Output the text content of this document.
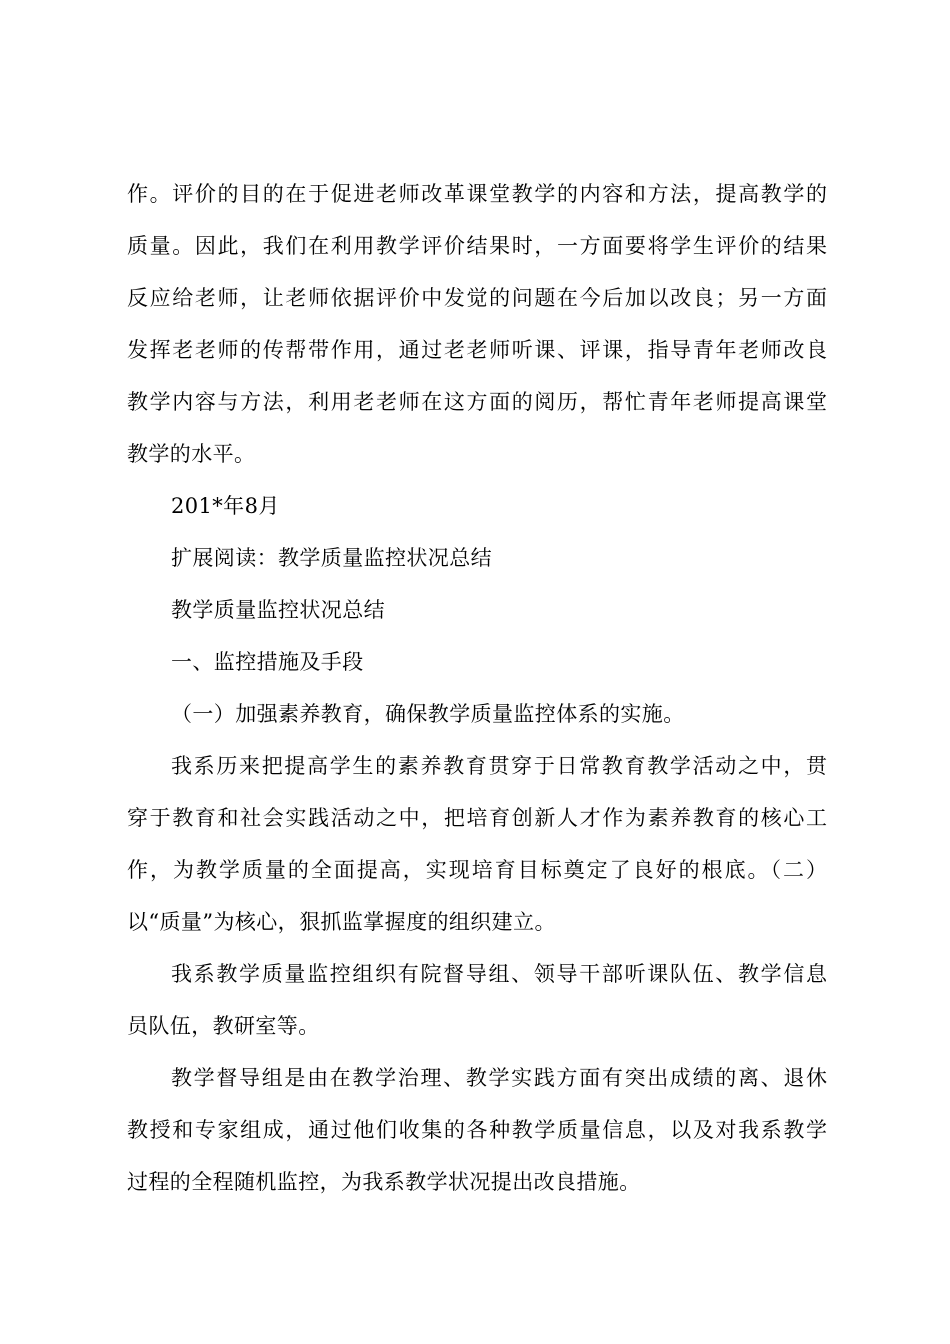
作。评价的目的在于促进老师改革课堂教学的内容和方法，提高教学的
质量。因此，我们在利用教学评价结果时，一方面要将学生评价的结果
反应给老师，让老师依据评价中发觉的问题在今后加以改良；另一方面
发挥老老师的传帮带作用，通过老老师听课、评课，指导青年老师改良
教学内容与方法，利用老老师在这方面的阅历，帮忙青年老师提高课堂
教学的水平。
201*年8月
扩展阅读：教学质量监控状况总结
教学质量监控状况总结
一、监控措施及手段
（一）加强素养教育，确保教学质量监控体系的实施。
我系历来把提高学生的素养教育贯穿于日常教育教学活动之中，贯
穿于教育和社会实践活动之中，把培育创新人才作为素养教育的核心工
作，为教学质量的全面提高，实现培育目标奠定了良好的根底。（二）
以“质量”为核心，狠抓监掌握度的组织建立。
我系教学质量监控组织有院督导组、领导干部听课队伍、教学信息
员队伍，教研室等。
教学督导组是由在教学治理、教学实践方面有突出成绩的离、退休
教授和专家组成，通过他们收集的各种教学质量信息，以及对我系教学
过程的全程随机监控，为我系教学状况提出改良措施。
